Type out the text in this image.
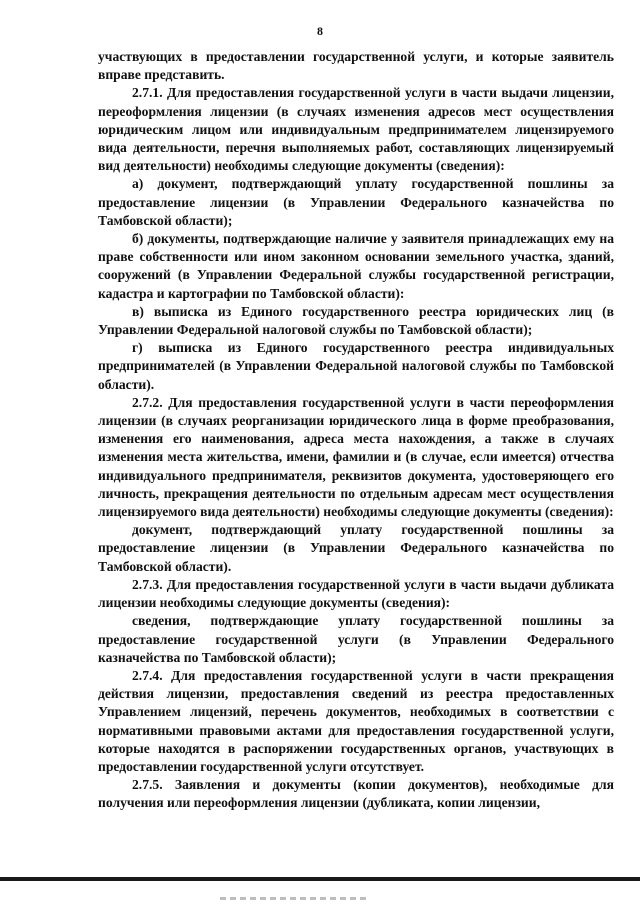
8

участвующих в предоставлении государственной услуги, и которые заявитель вправе представить.

2.7.1. Для предоставления государственной услуги в части выдачи лицензии, переоформления лицензии (в случаях изменения адресов мест осуществления юридическим лицом или индивидуальным предпринимателем лицензируемого вида деятельности, перечня выполняемых работ, составляющих лицензируемый вид деятельности) необходимы следующие документы (сведения):

а) документ, подтверждающий уплату государственной пошлины за предоставление лицензии (в Управлении Федерального казначейства по Тамбовской области);

б) документы, подтверждающие наличие у заявителя принадлежащих ему на праве собственности или ином законном основании земельного участка, зданий, сооружений (в Управлении Федеральной службы государственной регистрации, кадастра и картографии по Тамбовской области):

в) выписка из Единого государственного реестра юридических лиц (в Управлении Федеральной налоговой службы по Тамбовской области);

г) выписка из Единого государственного реестра индивидуальных предпринимателей (в Управлении Федеральной налоговой службы по Тамбовской области).

2.7.2. Для предоставления государственной услуги в части переоформления лицензии (в случаях реорганизации юридического лица в форме преобразования, изменения его наименования, адреса места нахождения, а также в случаях изменения места жительства, имени, фамилии и (в случае, если имеется) отчества индивидуального предпринимателя, реквизитов документа, удостоверяющего его личность, прекращения деятельности по отдельным адресам мест осуществления лицензируемого вида деятельности) необходимы следующие документы (сведения):

документ, подтверждающий уплату государственной пошлины за предоставление лицензии (в Управлении Федерального казначейства по Тамбовской области).

2.7.3. Для предоставления государственной услуги в части выдачи дубликата лицензии необходимы следующие документы (сведения):

сведения, подтверждающие уплату государственной пошлины за предоставление государственной услуги (в Управлении Федерального казначейства по Тамбовской области);

2.7.4. Для предоставления государственной услуги в части прекращения действия лицензии, предоставления сведений из реестра предоставленных Управлением лицензий, перечень документов, необходимых в соответствии с нормативными правовыми актами для предоставления государственной услуги, которые находятся в распоряжении государственных органов, участвующих в предоставлении государственной услуги отсутствует.

2.7.5. Заявления и документы (копии документов), необходимые для получения или переоформления лицензии (дубликата, копии лицензии,
